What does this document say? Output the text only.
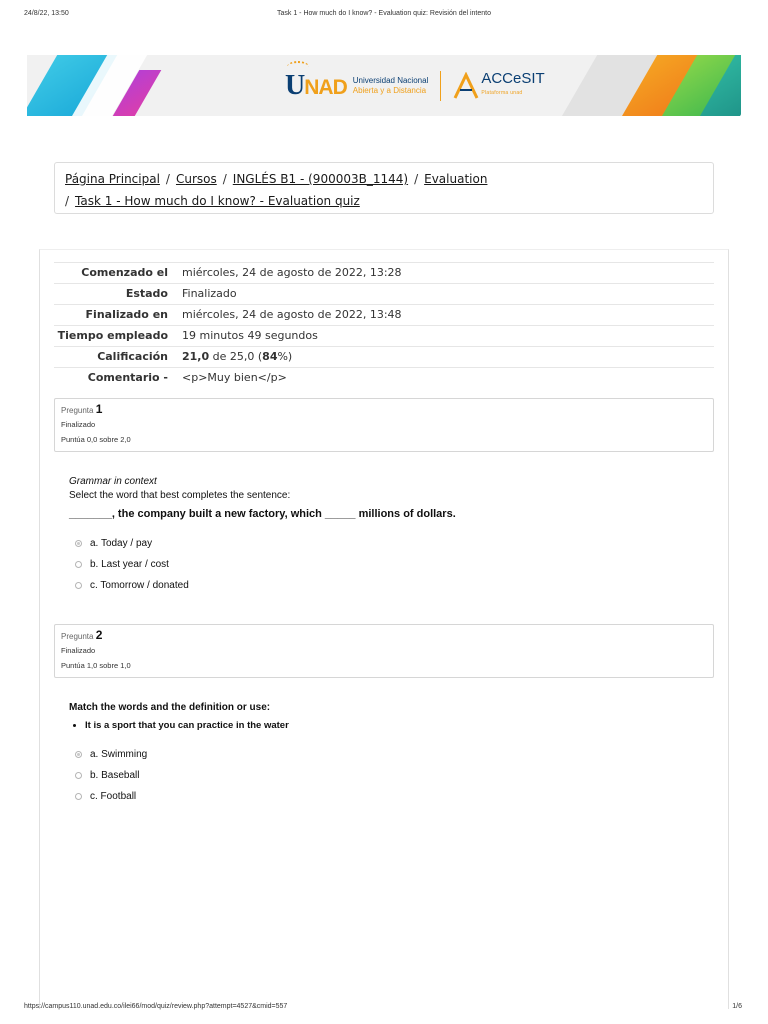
24/8/22, 13:50	Task 1 - How much do I know? - Evaluation quiz: Revisión del intento
UNAD Universidad Nacional
Abierta y a Distancia
ACCeSIT
Plataforma unad
Página Principal / Cursos / INGLÉS B1 - (900003B_1144) / Evaluation
/ Task 1 - How much do I know? - Evaluation quiz
Comenzado el	miércoles, 24 de agosto de 2022, 13:28
Estado	Finalizado
Finalizado en	miércoles, 24 de agosto de 2022, 13:48
Tiempo empleado	19 minutos 49 segundos
Calificación	21,0 de 25,0 (84%)
Comentario -	<p>Muy bien</p>
Pregunta 1
Finalizado
Puntúa 0,0 sobre 2,0
Grammar in context
Select the word that best completes the sentence:
_______, the company built a new factory, which _____ millions of dollars.
a. Today / pay
b. Last year / cost
c. Tomorrow / donated
Pregunta 2
Finalizado
Puntúa 1,0 sobre 1,0
Match the words and the definition or use:
• It is a sport that you can practice in the water
a. Swimming
b. Baseball
c. Football
https://campus110.unad.edu.co/ilei66/mod/quiz/review.php?attempt=4527&cmid=557	1/6
